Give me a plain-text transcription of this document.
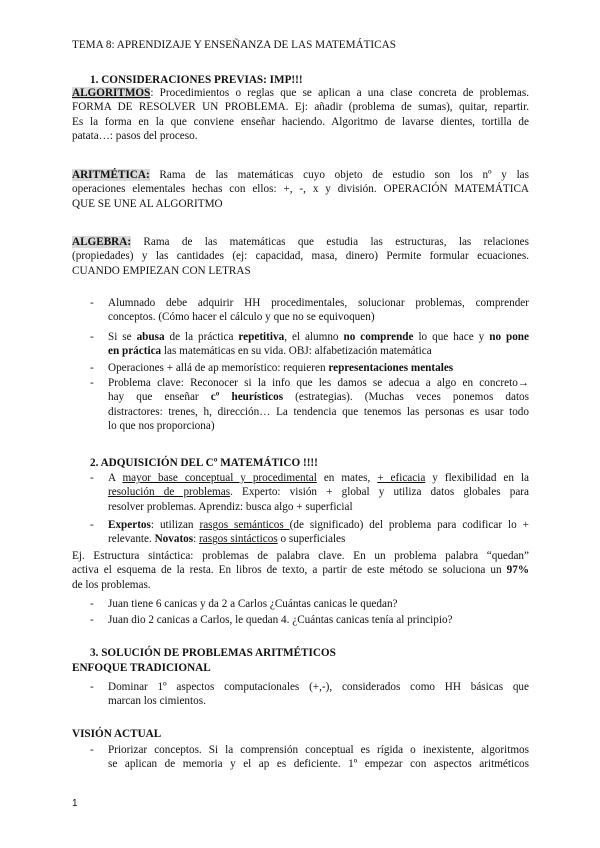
TEMA 8: APRENDIZAJE Y ENSEÑANZA DE LAS MATEMÁTICAS
1. CONSIDERACIONES PREVIAS: IMP!!!
ALGORITMOS: Procedimientos o reglas que se aplican a una clase concreta de problemas.
FORMA DE RESOLVER UN PROBLEMA. Ej: añadir (problema de sumas), quitar, repartir.
Es la forma en la que conviene enseñar haciendo. Algoritmo de lavarse dientes, tortilla de
patata…: pasos del proceso.
ARITMÉTICA: Rama de las matemáticas cuyo objeto de estudio son los nº y las
operaciones elementales hechas con ellos: +, -, x y división. OPERACIÓN MATEMÁTICA
QUE SE UNE AL ALGORITMO
ALGEBRA: Rama de las matemáticas que estudia las estructuras, las relaciones
(propiedades) y las cantidades (ej: capacidad, masa, dinero) Permite formular ecuaciones.
CUANDO EMPIEZAN CON LETRAS
- Alumnado debe adquirir HH procedimentales, solucionar problemas, comprender
conceptos. (Cómo hacer el cálculo y que no se equivoquen)
- Si se abusa de la práctica repetitiva, el alumno no comprende lo que hace y no pone
en práctica las matemáticas en su vida. OBJ: alfabetización matemática
- Operaciones + allá de ap memorístico: requieren representaciones mentales
- Problema clave: Reconocer si la info que les damos se adecua a algo en concreto→
hay que enseñar cº heurísticos (estrategias). (Muchas veces ponemos datos
distractores: trenes, h, dirección… La tendencia que tenemos las personas es usar todo
lo que nos proporciona)
2. ADQUISICIÓN DEL Cº MATEMÁTICO !!!!
- A mayor base conceptual y procedimental en mates, + eficacia y flexibilidad en la
resolución de problemas. Experto: visión + global y utiliza datos globales para
resolver problemas. Aprendiz: busca algo + superficial
- Expertos: utilizan rasgos semánticos (de significado) del problema para codificar lo +
relevante. Novatos: rasgos sintácticos o superficiales
Ej. Estructura sintáctica: problemas de palabra clave. En un problema palabra “quedan”
activa el esquema de la resta. En libros de texto, a partir de este método se soluciona un 97%
de los problemas.
- Juan tiene 6 canicas y da 2 a Carlos ¿Cuántas canicas le quedan?
- Juan dio 2 canicas a Carlos, le quedan 4. ¿Cuántas canicas tenía al principio?
3. SOLUCIÓN DE PROBLEMAS ARITMÉTICOS
ENFOQUE TRADICIONAL
- Dominar 1º aspectos computacionales (+,-), considerados como HH básicas que
marcan los cimientos.
VISIÓN ACTUAL
- Priorizar conceptos. Si la comprensión conceptual es rígida o inexistente, algoritmos
se aplican de memoria y el ap es deficiente. 1º empezar con aspectos aritméticos
1
